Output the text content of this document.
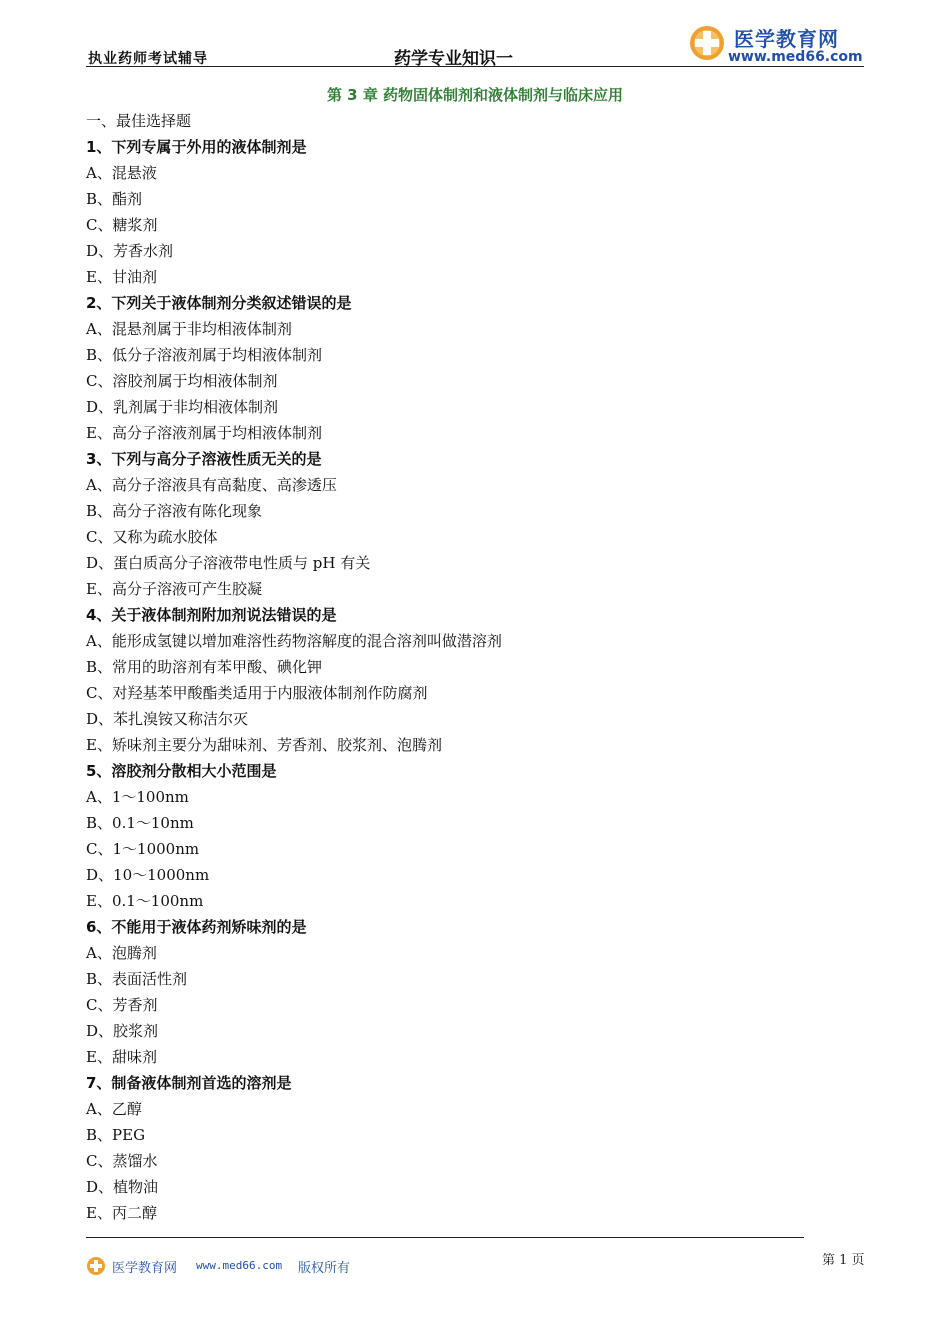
执业药师考试辅导	药学专业知识一
医学教育网
www.med66.com
第 3 章 药物固体制剂和液体制剂与临床应用
一、最佳选择题
1、下列专属于外用的液体制剂是
A、混悬液
B、酯剂
C、糖浆剂
D、芳香水剂
E、甘油剂
2、下列关于液体制剂分类叙述错误的是
A、混悬剂属于非均相液体制剂
B、低分子溶液剂属于均相液体制剂
C、溶胶剂属于均相液体制剂
D、乳剂属于非均相液体制剂
E、高分子溶液剂属于均相液体制剂
3、下列与高分子溶液性质无关的是
A、高分子溶液具有高黏度、高渗透压
B、高分子溶液有陈化现象
C、又称为疏水胶体
D、蛋白质高分子溶液带电性质与 pH 有关
E、高分子溶液可产生胶凝
4、关于液体制剂附加剂说法错误的是
A、能形成氢键以增加难溶性药物溶解度的混合溶剂叫做潜溶剂
B、常用的助溶剂有苯甲酸、碘化钾
C、对羟基苯甲酸酯类适用于内服液体制剂作防腐剂
D、苯扎溴铵又称洁尔灭
E、矫味剂主要分为甜味剂、芳香剂、胶浆剂、泡腾剂
5、溶胶剂分散相大小范围是
A、1～100nm
B、0.1～10nm
C、1～1000nm
D、10～1000nm
E、0.1～100nm
6、不能用于液体药剂矫味剂的是
A、泡腾剂
B、表面活性剂
C、芳香剂
D、胶浆剂
E、甜味剂
7、制备液体制剂首选的溶剂是
A、乙醇
B、PEG
C、蒸馏水
D、植物油
E、丙二醇
医学教育网 www.med66.com 版权所有
第 1 页
